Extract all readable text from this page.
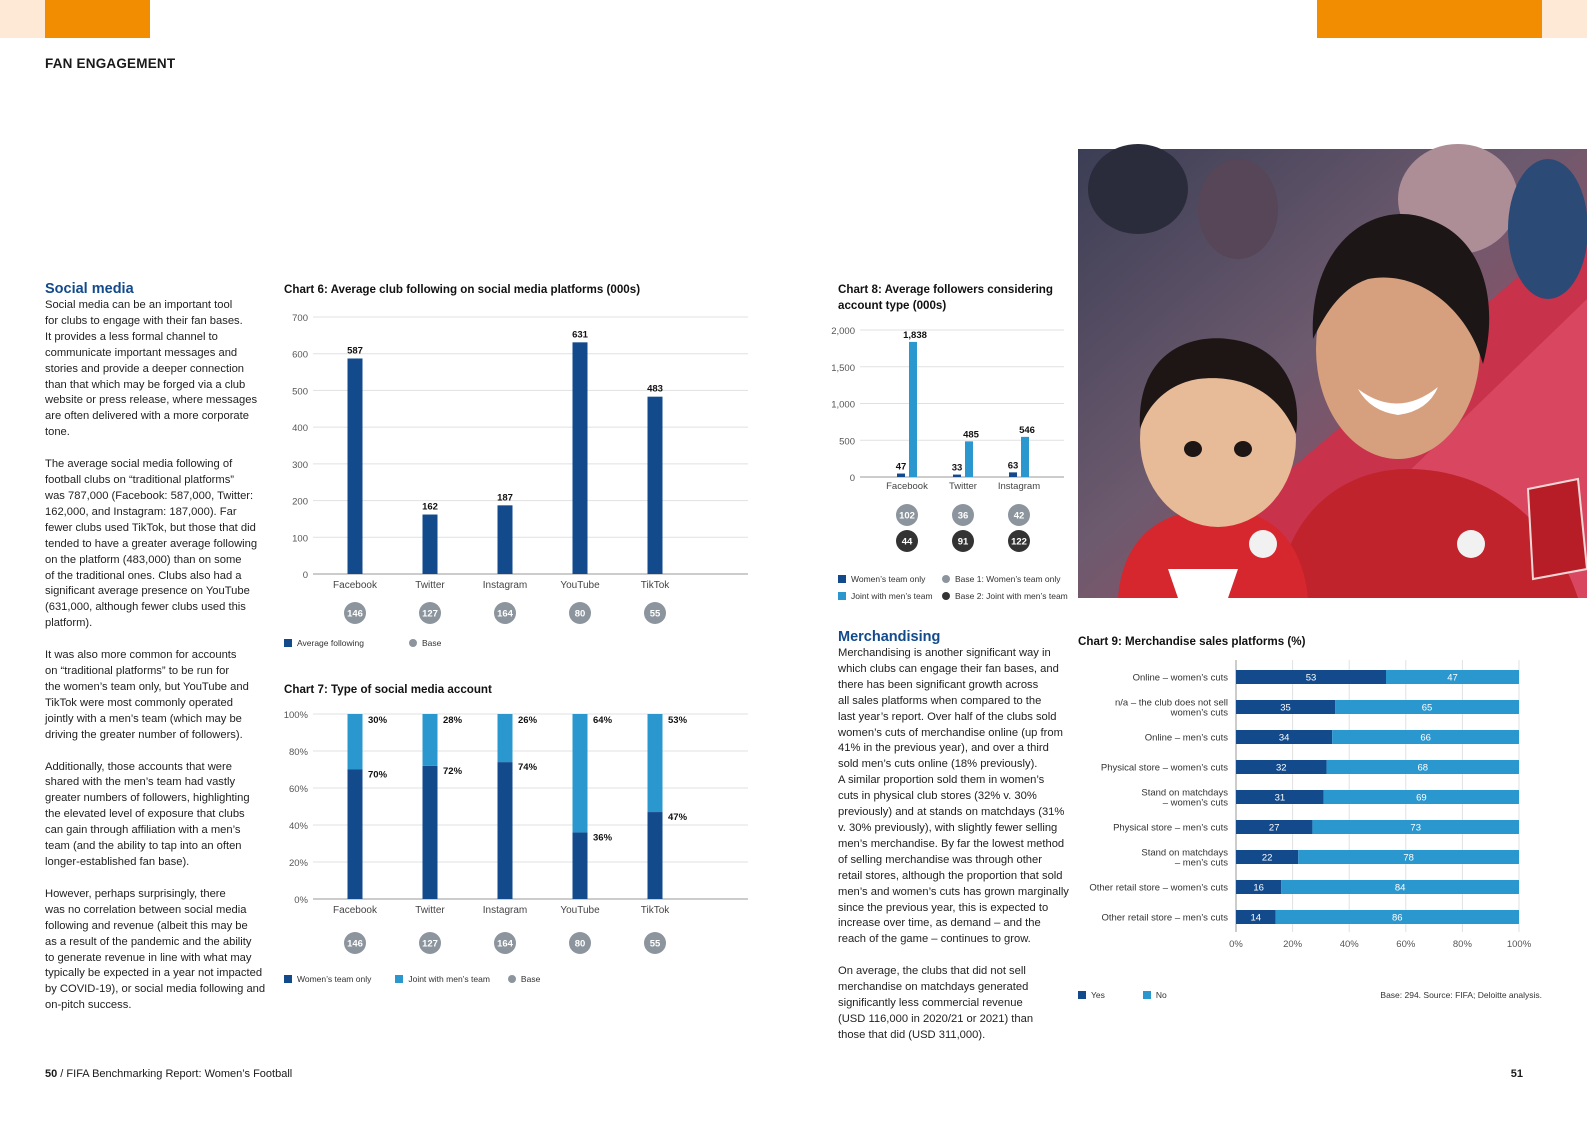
FAN ENGAGEMENT
Social media
Social media can be an important tool
for clubs to engage with their fan bases.
It provides a less formal channel to
communicate important messages and
stories and provide a deeper connection
than that which may be forged via a club
website or press release, where messages
are often delivered with a more corporate
tone.
The average social media following of
football clubs on “traditional platforms”
was 787,000 (Facebook: 587,000, Twitter:
162,000, and Instagram: 187,000). Far
fewer clubs used TikTok, but those that did
tended to have a greater average following
on the platform (483,000) than on some
of the traditional ones. Clubs also had a
significant average presence on YouTube
(631,000, although fewer clubs used this
platform).
It was also more common for accounts
on “traditional platforms” to be run for
the women’s team only, but YouTube and
TikTok were most commonly operated
jointly with a men’s team (which may be
driving the greater number of followers).
Additionally, those accounts that were
shared with the men’s team had vastly
greater numbers of followers, highlighting
the elevated level of exposure that clubs
can gain through affiliation with a men’s
team (and the ability to tap into an often
longer-established fan base).
However, perhaps surprisingly, there
was no correlation between social media
following and revenue (albeit this may be
as a result of the pandemic and the ability
to generate revenue in line with what may
typically be expected in a year not impacted
by COVID-19), or social media following and
on-pitch success.
Chart 6: Average club following on social media platforms (000s)
0
100
200
300
400
500
600
700
587
Facebook
146
162
Twitter
127
187
Instagram
164
631
YouTube
80
483
TikTok
55
Average following	Base
Chart 7: Type of social media account
0%
20%
40%
60%
80%
100%	30%
70%
Facebook
146
28%
72%
Twitter
127
26%
74%
Instagram
164
64%
36%
YouTube
80
53%
47%
TikTok
55
Women’s team only	Joint with men’s team	Base
Chart 8: Average followers considering
account type (000s)
0
500
1,000
1,500
2,000
47
1,838
Facebook
102
44
33
485
Twitter
36
91
63
546
Instagram
42
122
Women’s team only	Base 1: Women’s team only
Joint with men’s team	Base 2: Joint with men’s team
Merchandising
Merchandising is another significant way in
which clubs can engage their fan bases, and
there has been significant growth across
all sales platforms when compared to the
last year’s report. Over half of the clubs sold
women’s cuts of merchandise online (up from
41% in the previous year), and over a third
sold men’s cuts online (18% previously).
A similar proportion sold them in women’s
cuts in physical club stores (32% v. 30%
previously) and at stands on matchdays (31%
v. 30% previously), with slightly fewer selling
men’s merchandise. By far the lowest method
of selling merchandise was through other
retail stores, although the proportion that sold
men’s and women’s cuts has grown marginally
since the previous year, this is expected to
increase over time, as demand – and the
reach of the game – continues to grow.
On average, the clubs that did not sell
merchandise on matchdays generated
significantly less commercial revenue
(USD 116,000 in 2020/21 or 2021) than
those that did (USD 311,000).
Chart 9: Merchandise sales platforms (%)
0%	20%	40%	60%	80%	100%
53	47
Online – women’s cuts
35	65
n/a – the club does not sell
women’s cuts
34	66
Online – men’s cuts
32	68
Physical store – women’s cuts
31	69
Stand on matchdays
– women’s cuts
27	73
Physical store – men’s cuts
22	78
Stand on matchdays
– men’s cuts
16	84
Other retail store – women’s cuts
14	86
Other retail store – men’s cuts
Yes	No	Base: 294. Source: FIFA; Deloitte analysis.
50 / FIFA Benchmarking Report: Women’s Football	51
